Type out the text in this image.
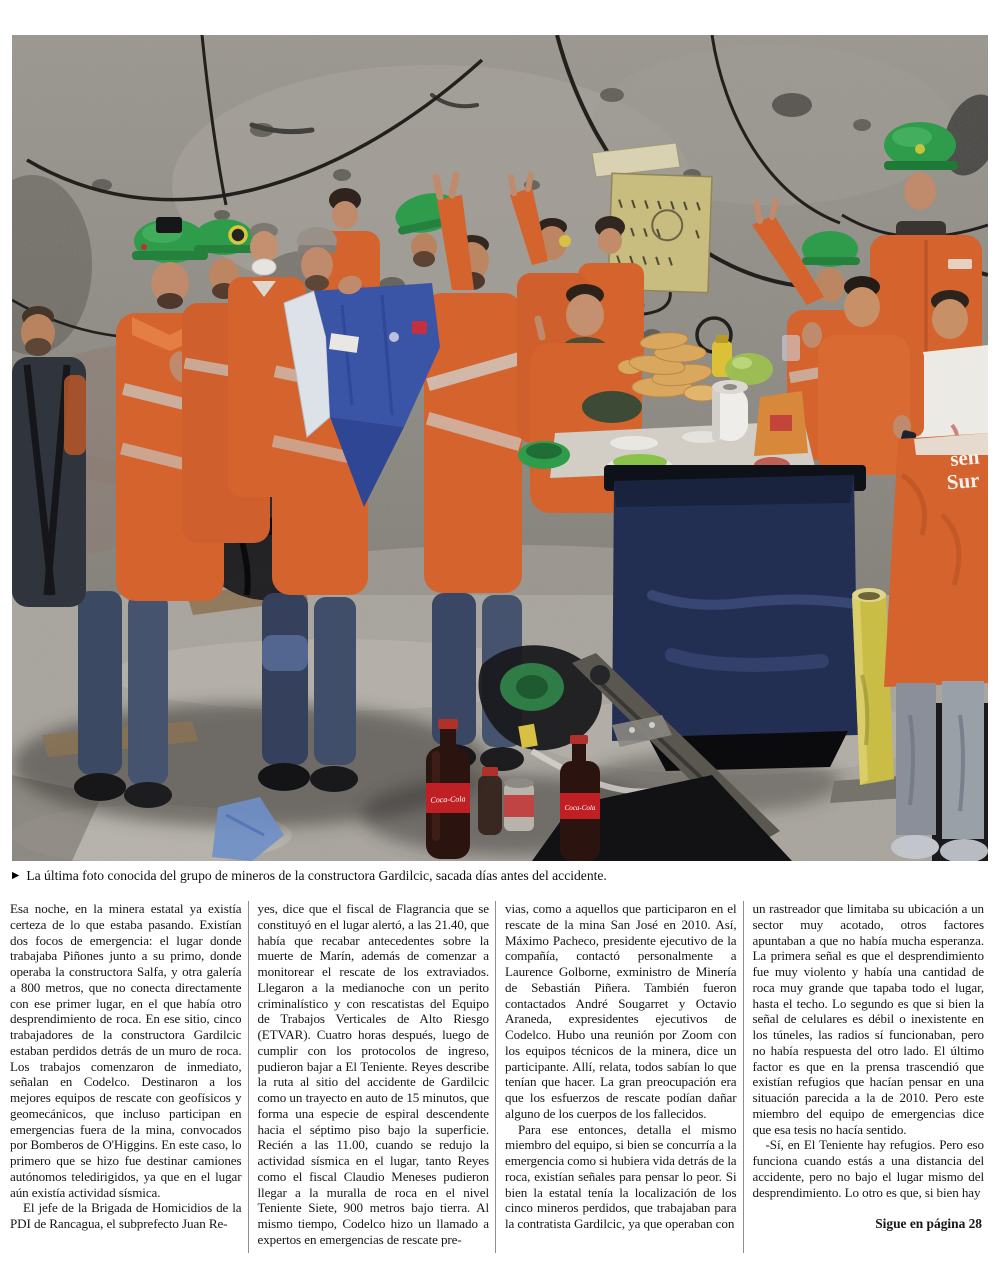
sen
Sur
Coca-Cola
Coca-Cola
▶ La última foto conocida del grupo de mineros de la constructora Gardilcic, sacada días antes del accidente.

Esa noche, en la minera estatal ya existía certeza de lo que estaba pasando. Existían dos focos de emergencia: el lugar donde trabajaba Piñones junto a su primo, donde operaba la constructora Salfa, y otra galería a 800 metros, que no conecta directamente con ese primer lugar, en el que había otro desprendimiento de roca. En ese sitio, cinco trabajadores de la constructora Gardilcic estaban perdidos detrás de un muro de roca. Los trabajos comenzaron de inmediato, señalan en Codelco. Destinaron a los mejores equipos de rescate con geofísicos y geomecánicos, que incluso participan en emergencias fuera de la mina, convocados por Bomberos de O'Higgins. En este caso, lo primero que se hizo fue destinar camiones autónomos teledirigidos, ya que en el lugar aún existía actividad sísmica.

El jefe de la Brigada de Homicidios de la PDI de Rancagua, el subprefecto Juan Re-

yes, dice que el fiscal de Flagrancia que se constituyó en el lugar alertó, a las 21.40, que había que recabar antecedentes sobre la muerte de Marín, además de comenzar a monitorear el rescate de los extraviados. Llegaron a la medianoche con un perito criminalístico y con rescatistas del Equipo de Trabajos Verticales de Alto Riesgo (ETVAR). Cuatro horas después, luego de cumplir con los protocolos de ingreso, pudieron bajar a El Teniente. Reyes describe la ruta al sitio del accidente de Gardilcic como un trayecto en auto de 15 minutos, que forma una especie de espiral descendente hacia el séptimo piso bajo la superficie. Recién a las 11.00, cuando se redujo la actividad sísmica en el lugar, tanto Reyes como el fiscal Claudio Meneses pudieron llegar a la muralla de roca en el nivel Teniente Siete, 900 metros bajo tierra. Al mismo tiempo, Codelco hizo un llamado a expertos en emergencias de rescate pre-

vias, como a aquellos que participaron en el rescate de la mina San José en 2010. Así, Máximo Pacheco, presidente ejecutivo de la compañía, contactó personalmente a Laurence Golborne, exministro de Minería de Sebastián Piñera. También fueron contactados André Sougarret y Octavio Araneda, expresidentes ejecutivos de Codelco. Hubo una reunión por Zoom con los equipos técnicos de la minera, dice un participante. Allí, relata, todos sabían lo que tenían que hacer. La gran preocupación era que los esfuerzos de rescate podían dañar alguno de los cuerpos de los fallecidos.

Para ese entonces, detalla el mismo miembro del equipo, si bien se concurría a la emergencia como si hubiera vida detrás de la roca, existían señales para pensar lo peor. Si bien la estatal tenía la localización de los cinco mineros perdidos, que trabajaban para la contratista Gardilcic, ya que operaban con

un rastreador que limitaba su ubicación a un sector muy acotado, otros factores apuntaban a que no había mucha esperanza. La primera señal es que el desprendimiento fue muy violento y había una cantidad de roca muy grande que tapaba todo el lugar, hasta el techo. Lo segundo es que si bien la señal de celulares es débil o inexistente en los túneles, las radios sí funcionaban, pero no había respuesta del otro lado. El último factor es que en la prensa trascendió que existían refugios que hacían pensar en una situación parecida a la de 2010. Pero este miembro del equipo de emergencias dice que esa tesis no hacía sentido.

-Sí, en El Teniente hay refugios. Pero eso funciona cuando estás a una distancia del accidente, pero no bajo el lugar mismo del desprendimiento. Lo otro es que, si bien hay

Sigue en página 28
